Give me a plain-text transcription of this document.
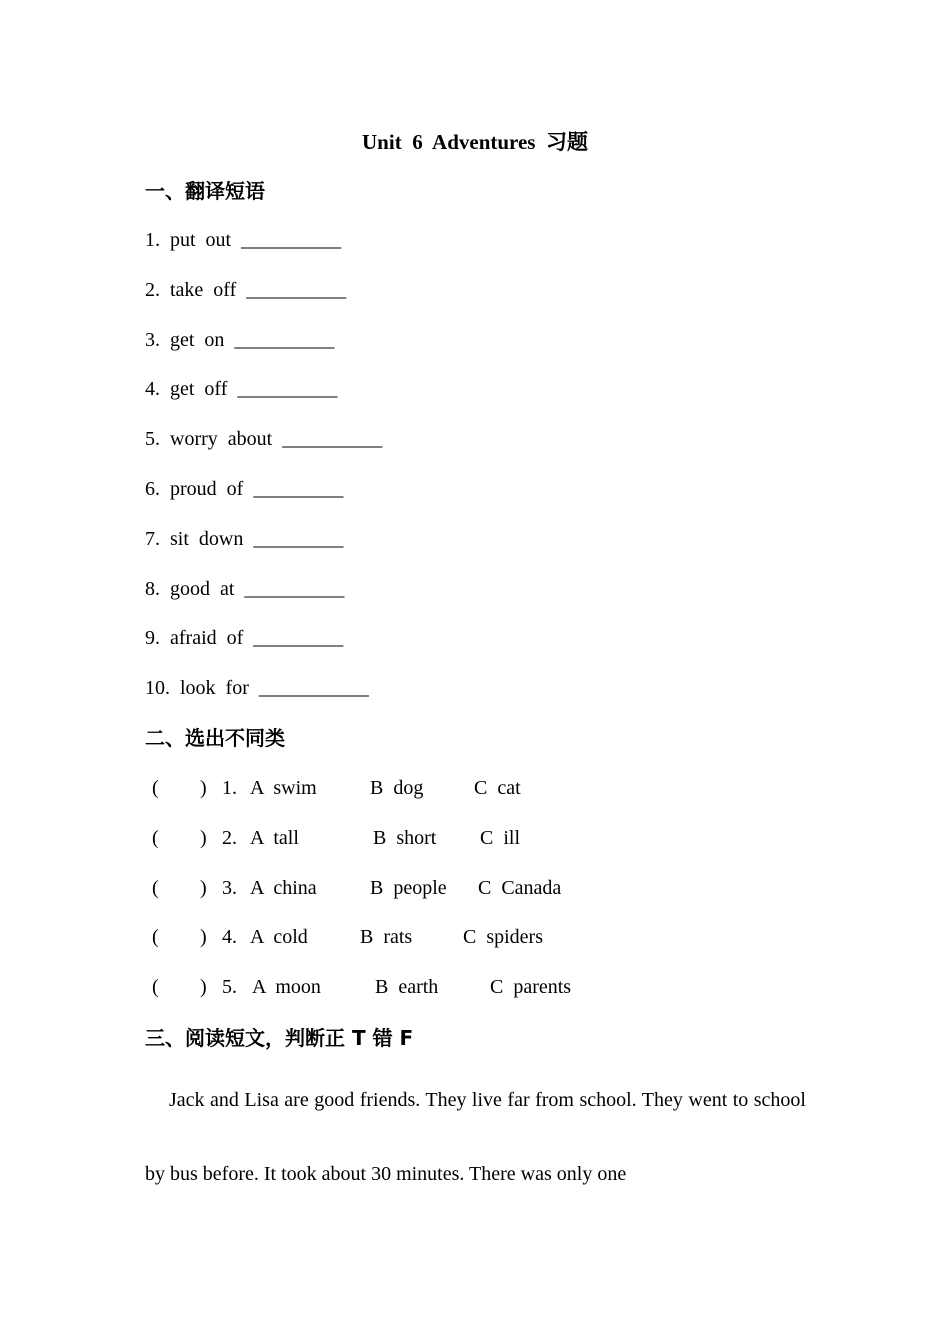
Unit  6  Adventures  习题
一、翻译短语
1.  put  out  __________
2.  take  off  __________
3.  get  on  __________
4.  get  off  __________
5.  worry  about  __________
6.  proud  of  _________
7.  sit  down  _________
8.  good  at  __________
9.  afraid  of  _________
10.  look  for  ___________
二、选出不同类
( ) 1. A  swim	B  dog	C  cat
( ) 2. A  tall	B  short C  ill
( ) 3. A  china	B  people C  Canada
( ) 4. A  cold	B  rats	C  spiders
( ) 5. A  moon	B  earth	C  parents
三、阅读短文，判断正 T 错 F
Jack and Lisa are good friends. They live far from school. They went to school by bus before. It took about 30 minutes. There was only one
